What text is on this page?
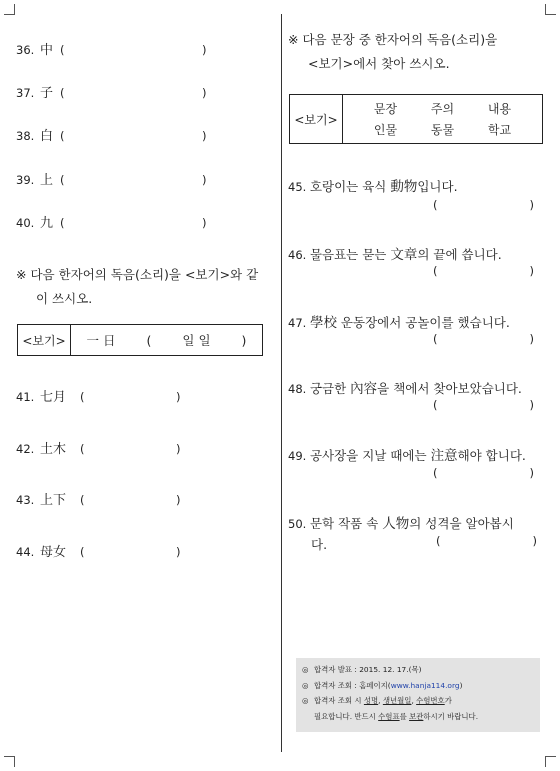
36. 中 (	)
37. 子 (	)
38. 白 (	)
39. 上 (	)
40. 九 (	)
※ 다음 한자어의 독음(소리)을 <보기>와 같
이 쓰시오.
<보기>	一 日 ( 일 일 )
41. 七月 (	)
42. 土木 (	)
43. 上下 (	)
44. 母女 (	)
※ 다음 문장 중 한자어의 독음(소리)을
<보기>에서 찾아 쓰시오.
<보기>	
문장	주의	내용
인물	동물	학교
45. 호랑이는 육식 動物입니다.
(	)
46. 물음표는 묻는 文章의 끝에 씁니다.
(	)
47. 學校 운동장에서 공놀이를 했습니다.
(	)
48. 궁금한 內容을 책에서 찾아보았습니다.
(	)
49. 공사장을 지날 때에는 注意해야 합니다.
(	)
50. 문학 작품 속 人物의 성격을 알아봅시
다.	(	)
◎ 합격자 발표 : 2015. 12. 17.(목)
◎ 합격자 조회 : 홈페이지(www.hanja114.org)
◎ 합격자 조회 시 성명, 생년월일, 수험번호가
필요합니다. 반드시 수험표를 보관하시기 바랍니다.
